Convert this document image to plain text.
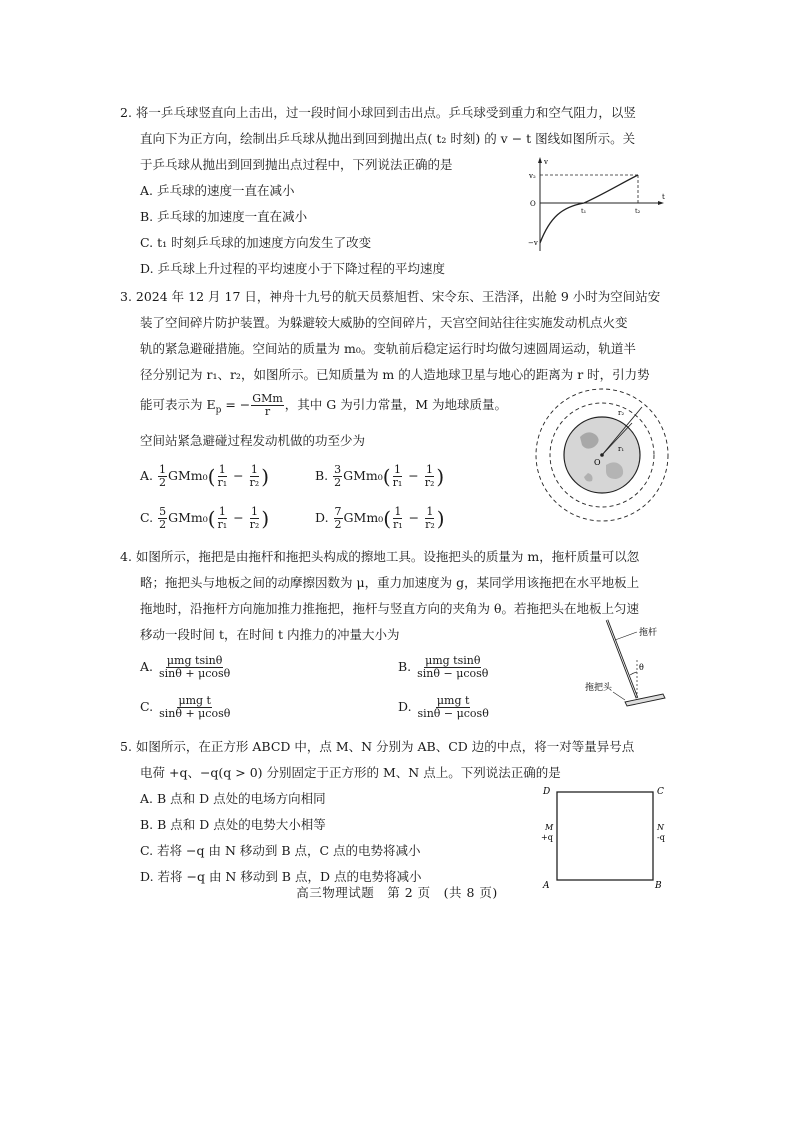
2. 将一乒乓球竖直向上击出，过一段时间小球回到击出点。乒乓球受到重力和空气阻力，以竖
直向下为正方向，绘制出乒乓球从抛出到回到抛出点( t₂ 时刻) 的 v − t 图线如图所示。关
于乒乓球从抛出到回到抛出点过程中，下列说法正确的是
A. 乒乓球的速度一直在减小
B. 乒乓球的加速度一直在减小
C. t₁ 时刻乒乓球的加速度方向发生了改变
D. 乒乓球上升过程的平均速度小于下降过程的平均速度
v
t
v₂
O
t₁	t₂
−v
3. 2024 年 12 月 17 日，神舟十九号的航天员蔡旭哲、宋令东、王浩泽，出舱 9 小时为空间站安
装了空间碎片防护装置。为躲避较大威胁的空间碎片，天宫空间站往往实施发动机点火变
轨的紧急避碰措施。空间站的质量为 m₀。变轨前后稳定运行时均做匀速圆周运动，轨道半
径分别记为 r₁、r₂，如图所示。已知质量为 m 的人造地球卫星与地心的距离为 r 时，引力势
能可表示为 $E_p$ = − $\frac{\text{GMm}}{r}$ ，其中 G 为引力常量，M 为地球质量。
空间站紧急避碰过程发动机做的功至少为
A. $\frac{1}{2} GMm_0( \frac{1}{\text{r₁}} - \frac{1}{\text{r₂}}$ )	B. $\frac{3}{2} GMm_0( \frac{1}{\text{r₁}} - \frac{1}{\text{r₂}}$ )
C. $\frac{5}{2} GMm_0( \frac{1}{\text{r₁}} - \frac{1}{\text{r₂}}$ )	D. $\frac{7}{2} GMm_0( \frac{1}{\text{r₁}} - \frac{1}{\text{r₂}}$ )
O
r₁
r₂
4. 如图所示，拖把是由拖杆和拖把头构成的擦地工具。设拖把头的质量为 m，拖杆质量可以忽
略；拖把头与地板之间的动摩擦因数为 μ，重力加速度为 g，某同学用该拖把在水平地板上
拖地时，沿拖杆方向施加推力推拖把，拖杆与竖直方向的夹角为 θ。若拖把头在地板上匀速
移动一段时间 t，在时间 t 内推力的冲量大小为
A. $\frac{\text{μmg tsinθ}}{\sin\theta + \mu\cos\theta}$	B. $\frac{\text{μmg tsinθ}}{\sin\theta - \mu\cos\theta}$
C. $\frac{\text{μmg t}}{\sin\theta + \mu\cos\theta}$	D. $\frac{\text{μmg t}}{\sin\theta - \mu\cos\theta}$
拖杆
拖把头
θ
5. 如图所示，在正方形 ABCD 中，点 M、N 分别为 AB、CD 边的中点，将一对等量异号点
电荷 +q、−q(q > 0) 分别固定于正方形的 M、N 点上。下列说法正确的是
A. B 点和 D 点处的电场方向相同
B. B 点和 D 点处的电势大小相等
C. 若将 −q 由 N 移动到 B 点，C 点的电势将减小
D. 若将 −q 由 N 移动到 B 点，D 点的电势将减小
D	C
A	B
M
+q
N
-q
高三物理试题　第 2 页　(共 8 页)
